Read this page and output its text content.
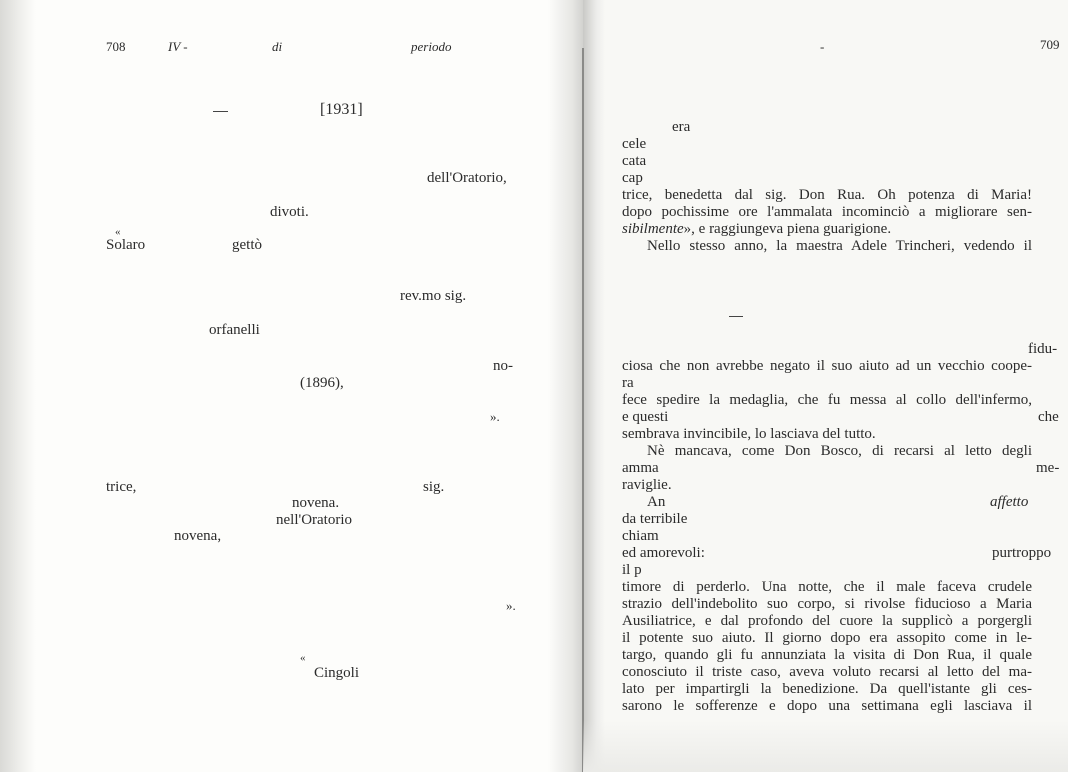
708	IV -	di	periodo
[1931]
dell'Oratorio,
divoti.
«
Solaro	gettò
rev.mo sig.
orfanelli
no-
(1896),
».
trice,	sig.
novena.
nell'Oratorio
novena,
».
«
Cingoli
-	709
era
cele
cata
cap
trice, benedetta dal sig. Don Rua. Oh potenza di Maria!
dopo pochissime ore l'ammalata incominciò a migliorare sen-
sibilmente», e raggiungeva piena guarigione.
Nello stesso anno, la maestra Adele Trincheri, vedendo il
fidu-
ciosa che non avrebbe negato il suo aiuto ad un vecchio coope-
ra
fece spedire la medaglia, che fu messa al collo dell'infermo,
e questi	che
sembrava invincibile, lo lasciava del tutto.
Nè mancava, come Don Bosco, di recarsi al letto degli
amma	me-
raviglie.
An	affetto
da terribile
chiam
ed amorevoli:	purtroppo
il p
timore di perderlo. Una notte, che il male faceva crudele
strazio dell'indebolito suo corpo, si rivolse fiducioso a Maria
Ausiliatrice, e dal profondo del cuore la supplicò a porgergli
il potente suo aiuto. Il giorno dopo era assopito come in le-
targo, quando gli fu annunziata la visita di Don Rua, il quale
conosciuto il triste caso, aveva voluto recarsi al letto del ma-
lato per impartirgli la benedizione. Da quell'istante gli ces-
sarono le sofferenze e dopo una settimana egli lasciava il
